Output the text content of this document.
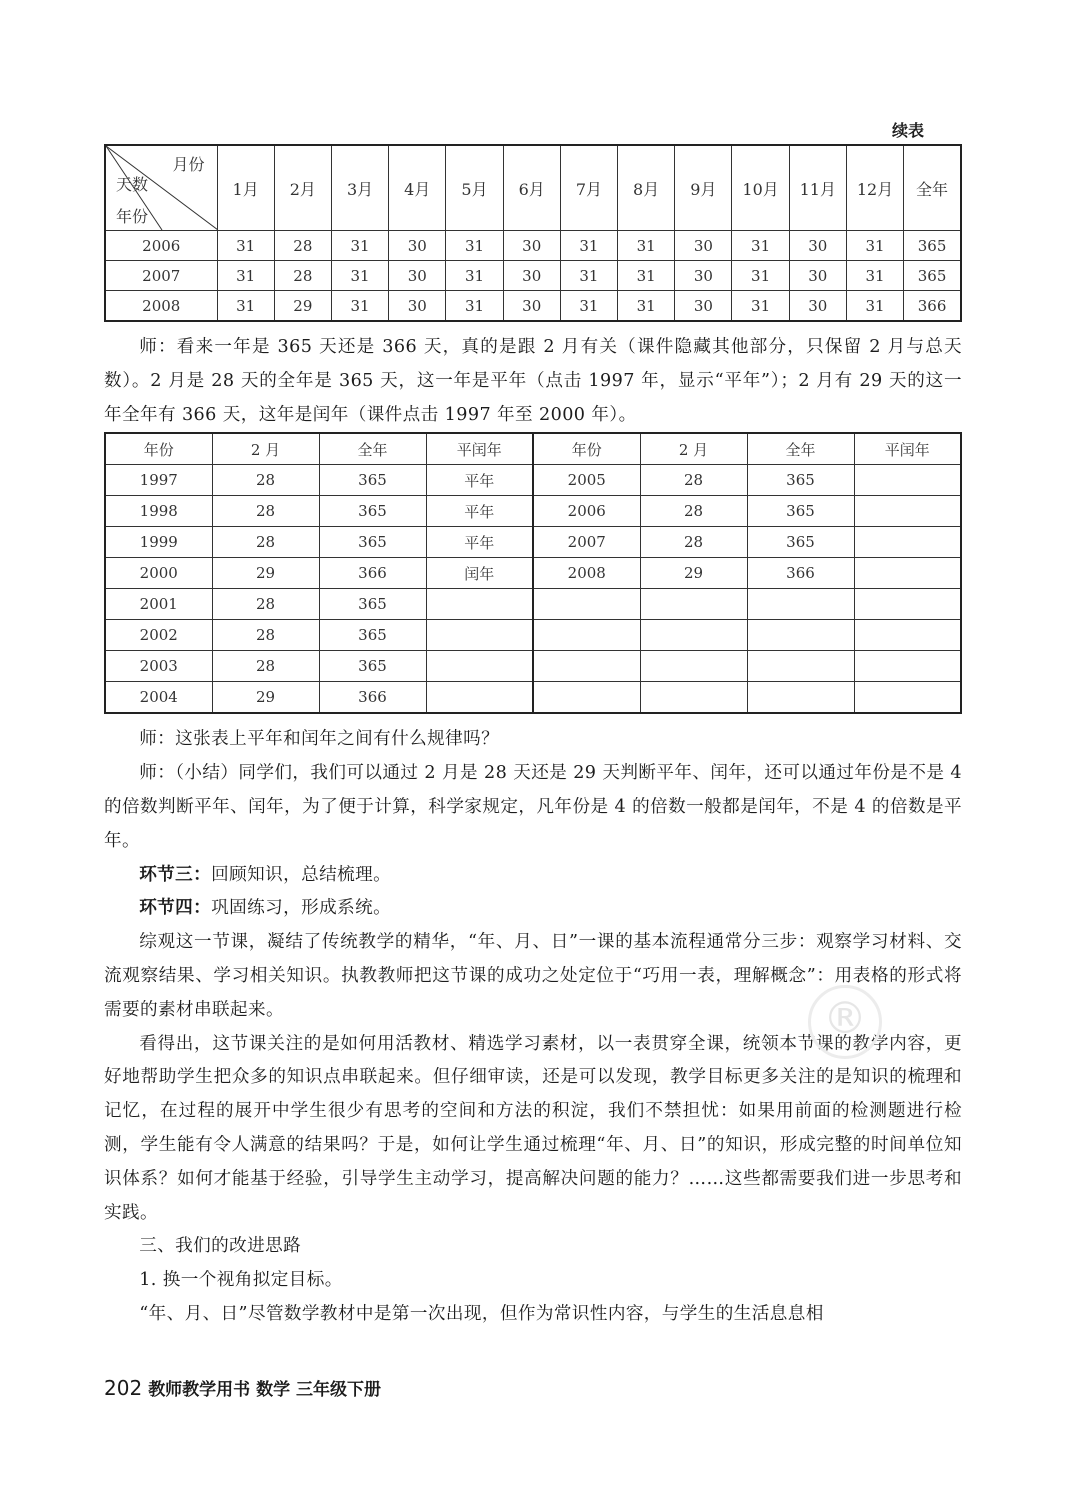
续表
月份
天数
年份	1月	2月	3月	4月	5月	6月	7月	8月	9月	10月	11月	12月	全年
2006	31	28	31	30	31	30	31	31	30	31	30	31	365
2007	31	28	31	30	31	30	31	31	30	31	30	31	365
2008	31	29	31	30	31	30	31	31	30	31	30	31	366

师：看来一年是 365 天还是 366 天，真的是跟 2 月有关（课件隐藏其他部分，只保留 2 月与总天数）。2 月是 28 天的全年是 365 天，这一年是平年（点击 1997 年，显示“平年”）；2 月有 29 天的这一年全年有 366 天，这年是闰年（课件点击 1997 年至 2000 年）。

年份	2 月	全年	平闰年	年份	2 月	全年	平闰年
1997	28	365	平年	2005	28	365	
1998	28	365	平年	2006	28	365	
1999	28	365	平年	2007	28	365	
2000	29	366	闰年	2008	29	366	
2001	28	365					
2002	28	365					
2003	28	365					
2004	29	366					

师：这张表上平年和闰年之间有什么规律吗？

师：（小结）同学们，我们可以通过 2 月是 28 天还是 29 天判断平年、闰年，还可以通过年份是不是 4 的倍数判断平年、闰年，为了便于计算，科学家规定，凡年份是 4 的倍数一般都是闰年，不是 4 的倍数是平年。

环节三：回顾知识，总结梳理。

环节四：巩固练习，形成系统。

综观这一节课，凝结了传统教学的精华，“年、月、日”一课的基本流程通常分三步：观察学习材料、交流观察结果、学习相关知识。执教教师把这节课的成功之处定位于“巧用一表，理解概念”：用表格的形式将需要的素材串联起来。

看得出，这节课关注的是如何用活教材、精选学习素材，以一表贯穿全课，统领本节课的教学内容，更好地帮助学生把众多的知识点串联起来。但仔细审读，还是可以发现，教学目标更多关注的是知识的梳理和记忆，在过程的展开中学生很少有思考的空间和方法的积淀，我们不禁担忧：如果用前面的检测题进行检测，学生能有令人满意的结果吗？于是，如何让学生通过梳理“年、月、日”的知识，形成完整的时间单位知识体系？如何才能基于经验，引导学生主动学习，提高解决问题的能力？……这些都需要我们进一步思考和实践。

三、我们的改进思路

1. 换一个视角拟定目标。

“年、月、日”尽管数学教材中是第一次出现，但作为常识性内容，与学生的生活息息相

®
202 教师教学用书 数学 三年级下册
